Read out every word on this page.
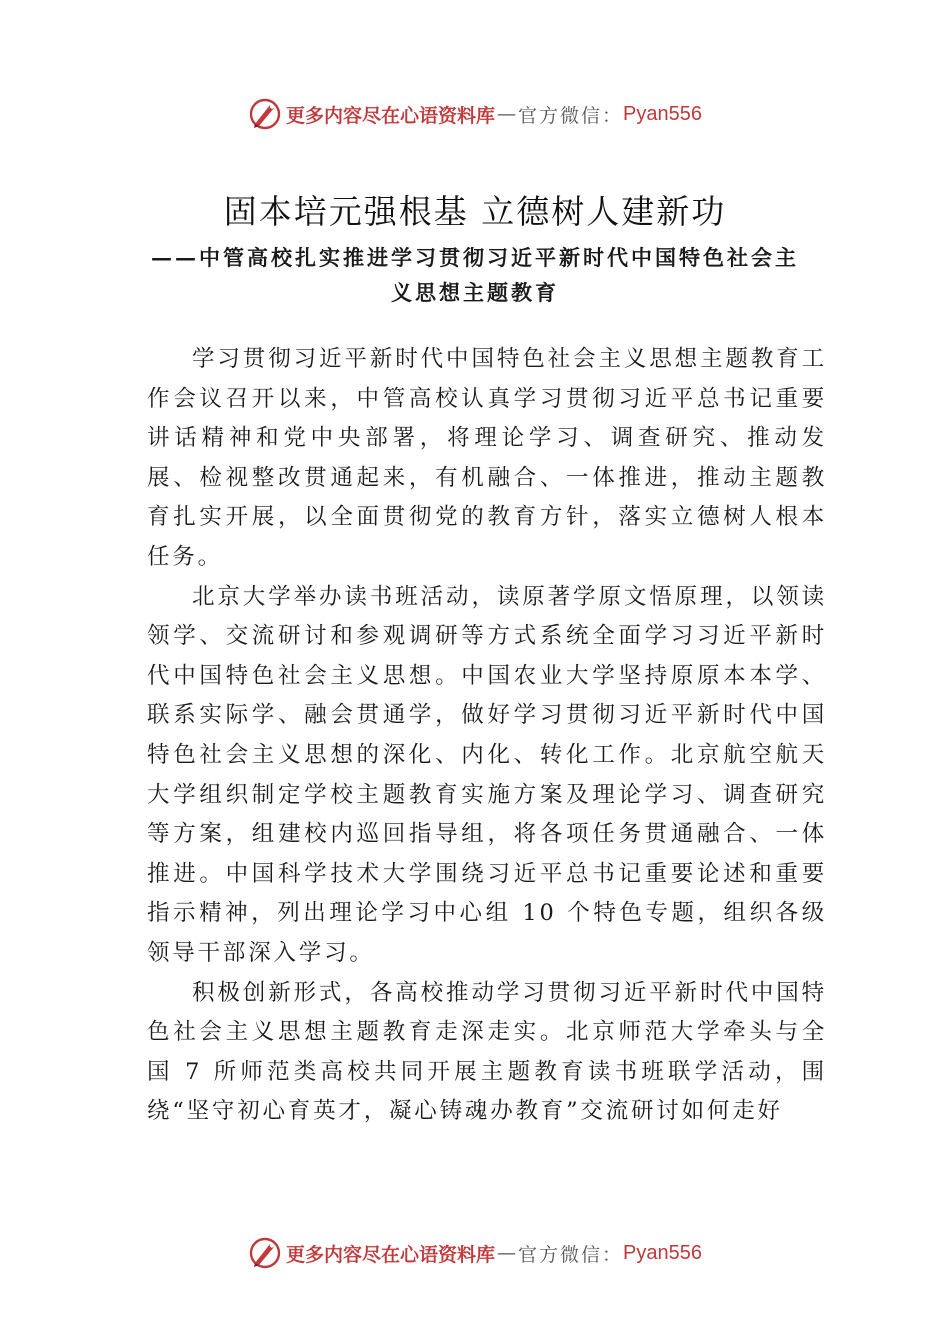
更多内容尽在心语资料库 — 官方微信： Pyan556
固本培元强根基 立德树人建新功
——中管高校扎实推进学习贯彻习近平新时代中国特色社会主义思想主题教育

学习贯彻习近平新时代中国特色社会主义思想主题教育工作会议召开以来，中管高校认真学习贯彻习近平总书记重要讲话精神和党中央部署，将理论学习、调查研究、推动发展、检视整改贯通起来，有机融合、一体推进，推动主题教育扎实开展，以全面贯彻党的教育方针，落实立德树人根本任务。

北京大学举办读书班活动，读原著学原文悟原理，以领读领学、交流研讨和参观调研等方式系统全面学习习近平新时代中国特色社会主义思想。中国农业大学坚持原原本本学、联系实际学、融会贯通学，做好学习贯彻习近平新时代中国特色社会主义思想的深化、内化、转化工作。北京航空航天大学组织制定学校主题教育实施方案及理论学习、调查研究等方案，组建校内巡回指导组，将各项任务贯通融合、一体推进。中国科学技术大学围绕习近平总书记重要论述和重要 指示精神，列出理论学习中心组 10 个特色专题，组织各级领导干部深入学习。

积极创新形式，各高校推动学习贯彻习近平新时代中国特色社会主义思想主题教育走深走实。北京师范大学牵头与全国 7 所师范类高校共同开展主题教育读书班联学活动，围绕“坚守初心育英才，凝心铸魂办教育”交流研讨如何走好

更多内容尽在心语资料库 — 官方微信： Pyan556
